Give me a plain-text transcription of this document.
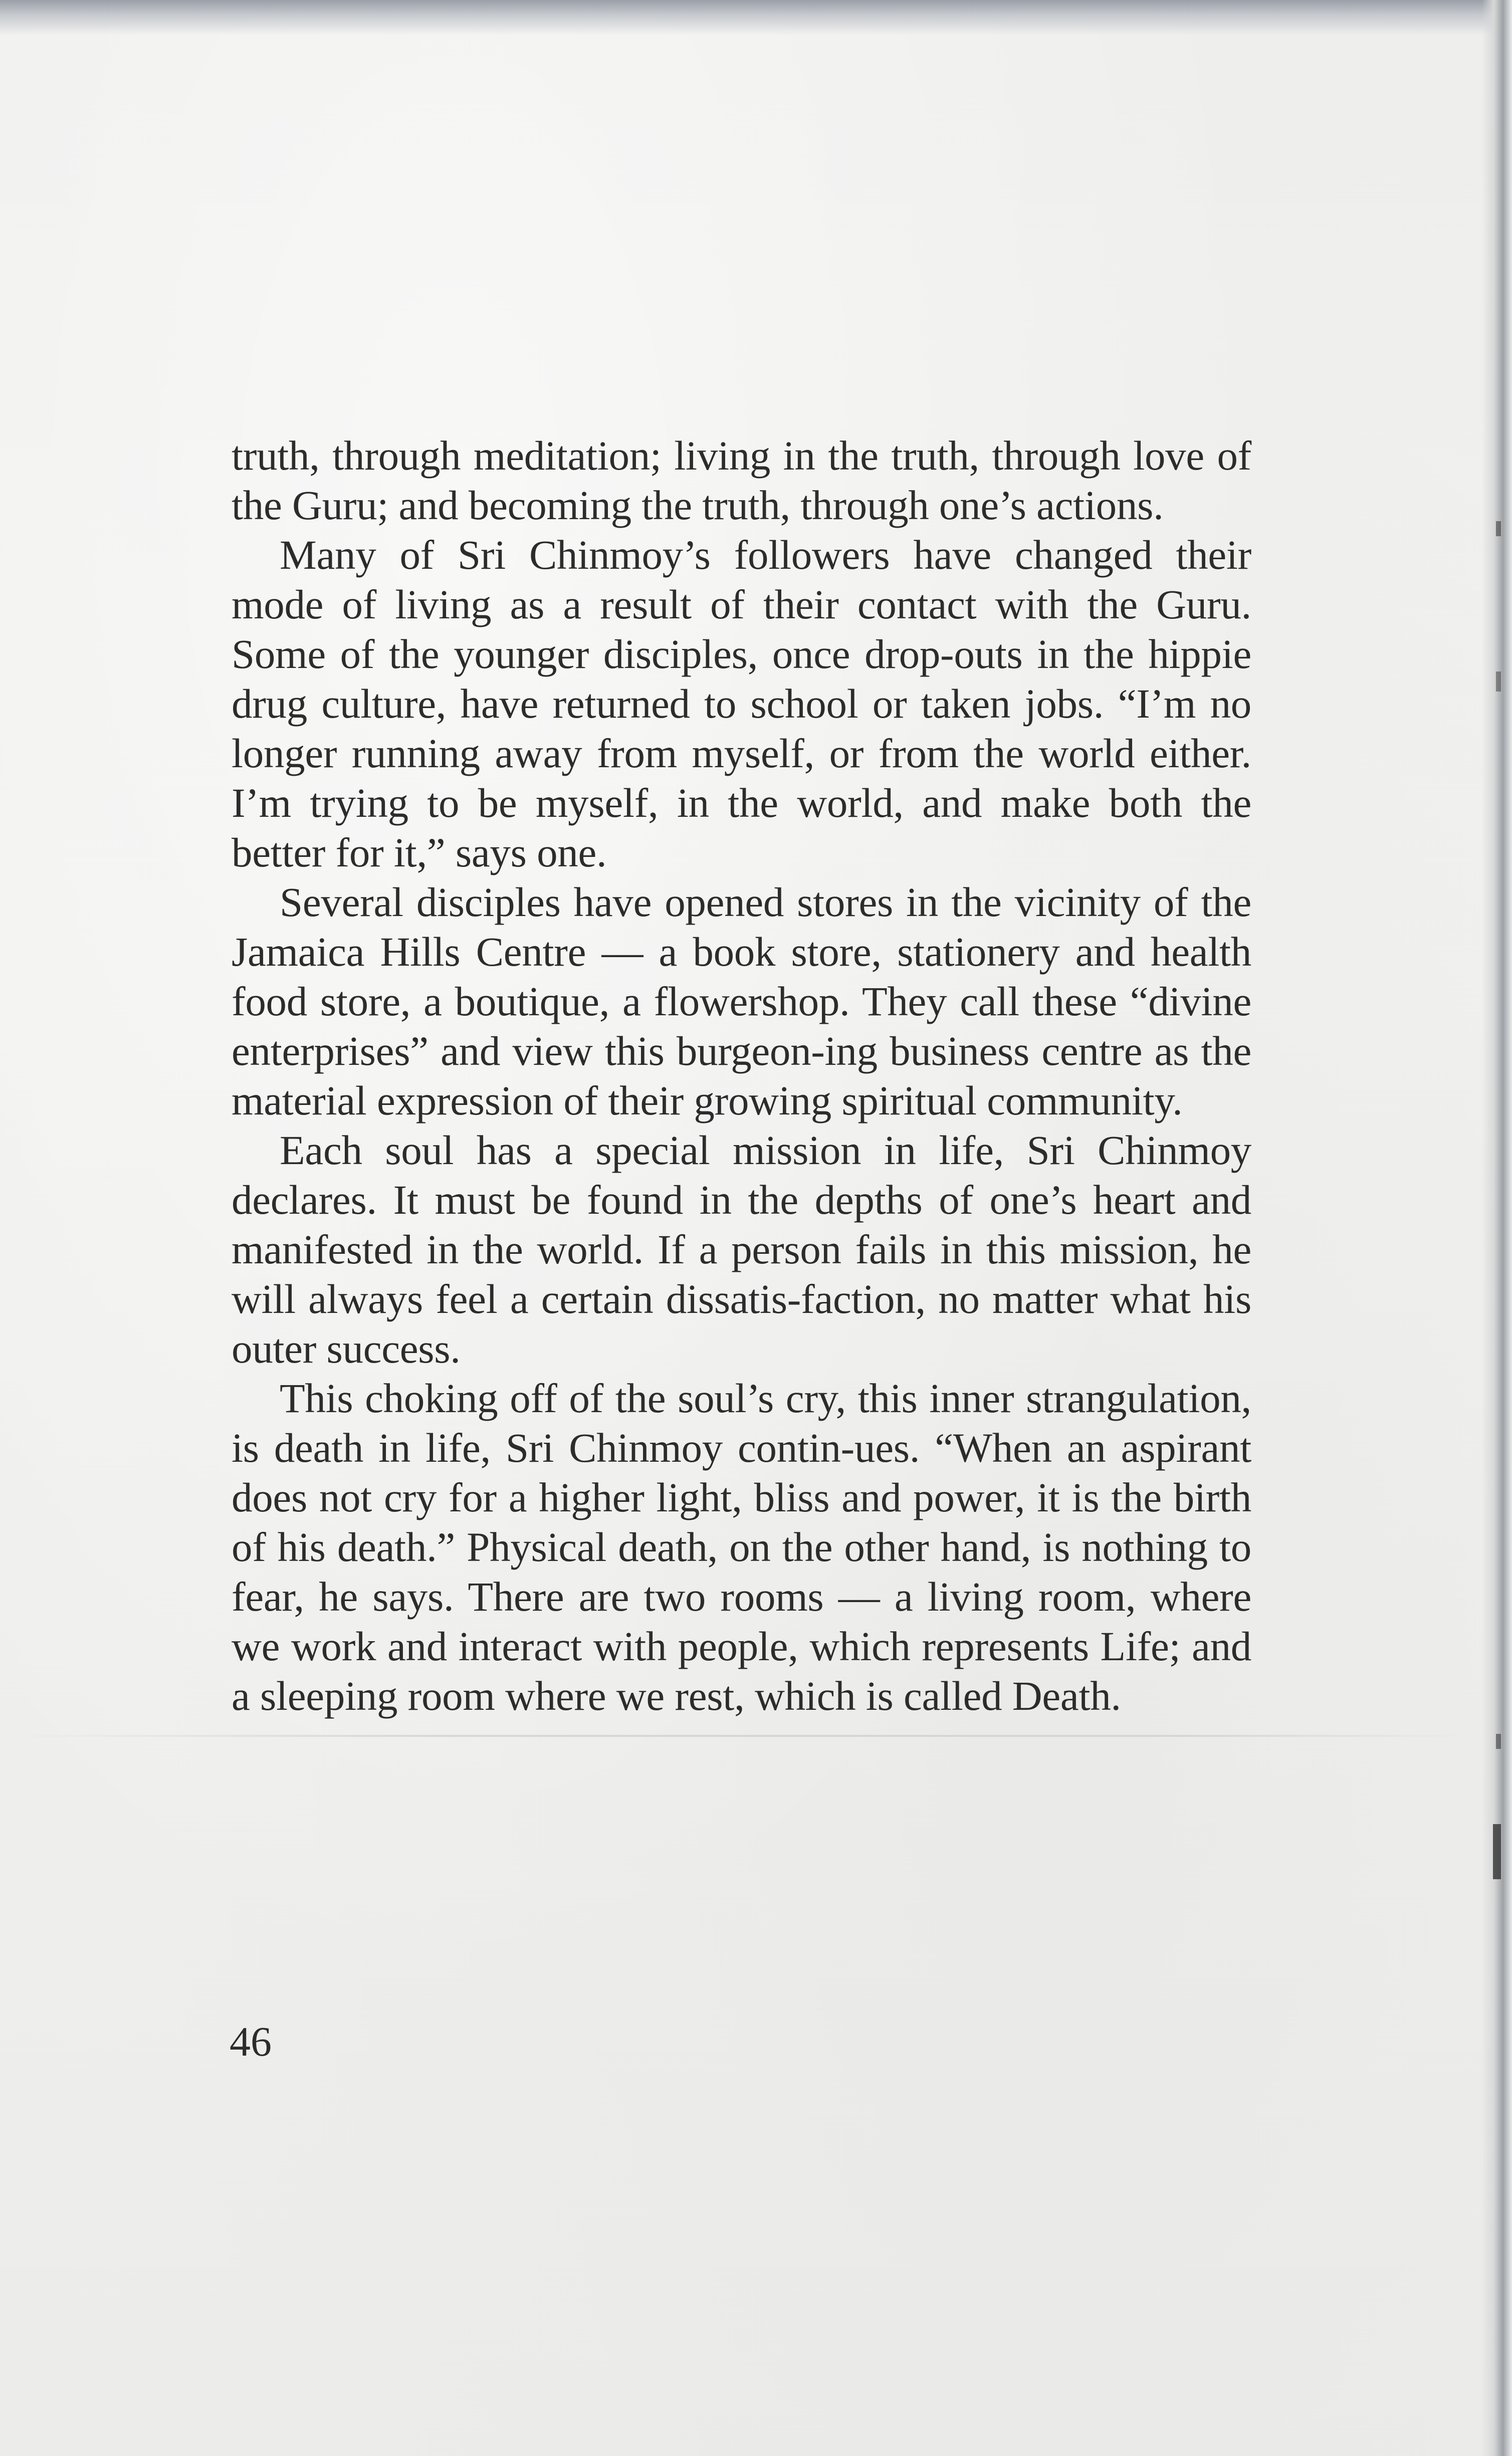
truth, through meditation; living in the truth, through love of the Guru; and becoming the truth, through one’s actions.

Many of Sri Chinmoy’s followers have changed their mode of living as a result of their contact with the Guru. Some of the younger disciples, once drop-outs in the hippie drug culture, have returned to school or taken jobs. “I’m no longer running away from myself, or from the world either. I’m trying to be myself, in the world, and make both the better for it,” says one.

Several disciples have opened stores in the vicinity of the Jamaica Hills Centre — a book store, stationery and health food store, a boutique, a flowershop. They call these “divine enterprises” and view this burgeon-ing business centre as the material expression of their growing spiritual community.

Each soul has a special mission in life, Sri Chinmoy declares. It must be found in the depths of one’s heart and manifested in the world. If a person fails in this mission, he will always feel a certain dissatis-faction, no matter what his outer success.

This choking off of the soul’s cry, this inner strangulation, is death in life, Sri Chinmoy contin-ues. “When an aspirant does not cry for a higher light, bliss and power, it is the birth of his death.” Physical death, on the other hand, is nothing to fear, he says. There are two rooms — a living room, where we work and interact with people, which represents Life; and a sleeping room where we rest, which is called Death.

46
